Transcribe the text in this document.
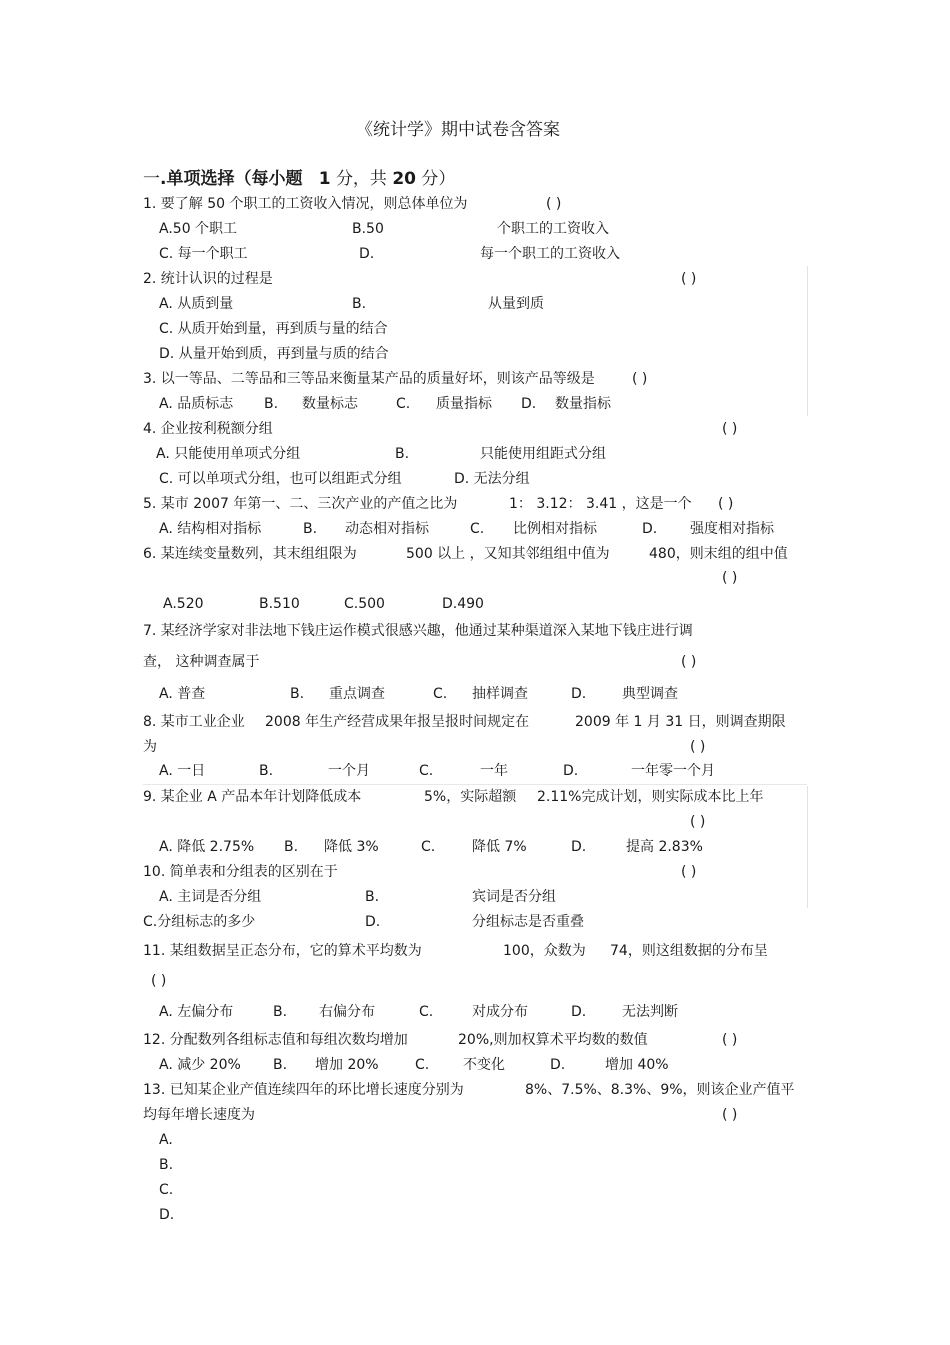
《统计学》期中试卷含答案
一.单项选择（每小题 1 分，共 20 分）
1. 要了解 50 个职工的工资收入情况，则总体单位为	( )
A.50 个职工	B.50	个职工的工资收入
C. 每一个职工	D.	每一个职工的工资收入
2. 统计认识的过程是	( )
A. 从质到量	B.	从量到质
C. 从质开始到量，再到质与量的结合
D. 从量开始到质，再到量与质的结合
3. 以一等品、二等品和三等品来衡量某产品的质量好坏，则该产品等级是	( )
A. 品质标志 B. 数量标志	C. 质量指标 D. 数量指标
4. 企业按利税额分组	( )
A. 只能使用单项式分组	B.	只能使用组距式分组
C. 可以单项式分组，也可以组距式分组	D. 无法分组
5. 某市 2007 年第一、二、三次产业的产值之比为	1： 3.12： 3.41 ，这是一个 ( )
A. 结构相对指标	B. 动态相对指标	C. 比例相对指标	D. 强度相对指标
6. 某连续变量数列，其末组组限为	500 以上 ，又知其邻组组中值为	480，则末组的组中值
( )
A.520	B.510	C.500	D.490
7. 某经济学家对非法地下钱庄运作模式很感兴趣，他通过某种渠道深入某地下钱庄进行调
查， 这种调查属于	( )
A. 普查	B. 重点调查	C. 抽样调查	D.	典型调查
8. 某市工业企业 2008 年生产经营成果年报呈报时间规定在	2009 年 1 月 31 日，则调查期限
为	( )
A. 一日	B.	一个月	C.	一年	D.	一年零一个月
9. 某企业 A 产品本年计划降低成本	5%，实际超额 2.11%完成计划，则实际成本比上年
( )
A. 降低 2.75% B. 降低 3%	C.	降低 7%	D.	提高 2.83%
10. 简单表和分组表的区别在于	( )
A. 主词是否分组	B.	宾词是否分组
C.分组标志的多少	D.	分组标志是否重叠
11. 某组数据呈正态分布，它的算术平均数为	100，众数为 74，则这组数据的分布呈
( )
A. 左偏分布	B. 右偏分布	C.	对成分布	D.	无法判断
12. 分配数列各组标志值和每组次数均增加	20%,则加权算术平均数的数值	( )
A. 减少 20% B. 增加 20%	C. 不变化	D.	增加 40%
13. 已知某企业产值连续四年的环比增长速度分别为	8%、7.5%、8.3%、9%，则该企业产值平
均每年增长速度为	( )
A.
B.
C.
D.
